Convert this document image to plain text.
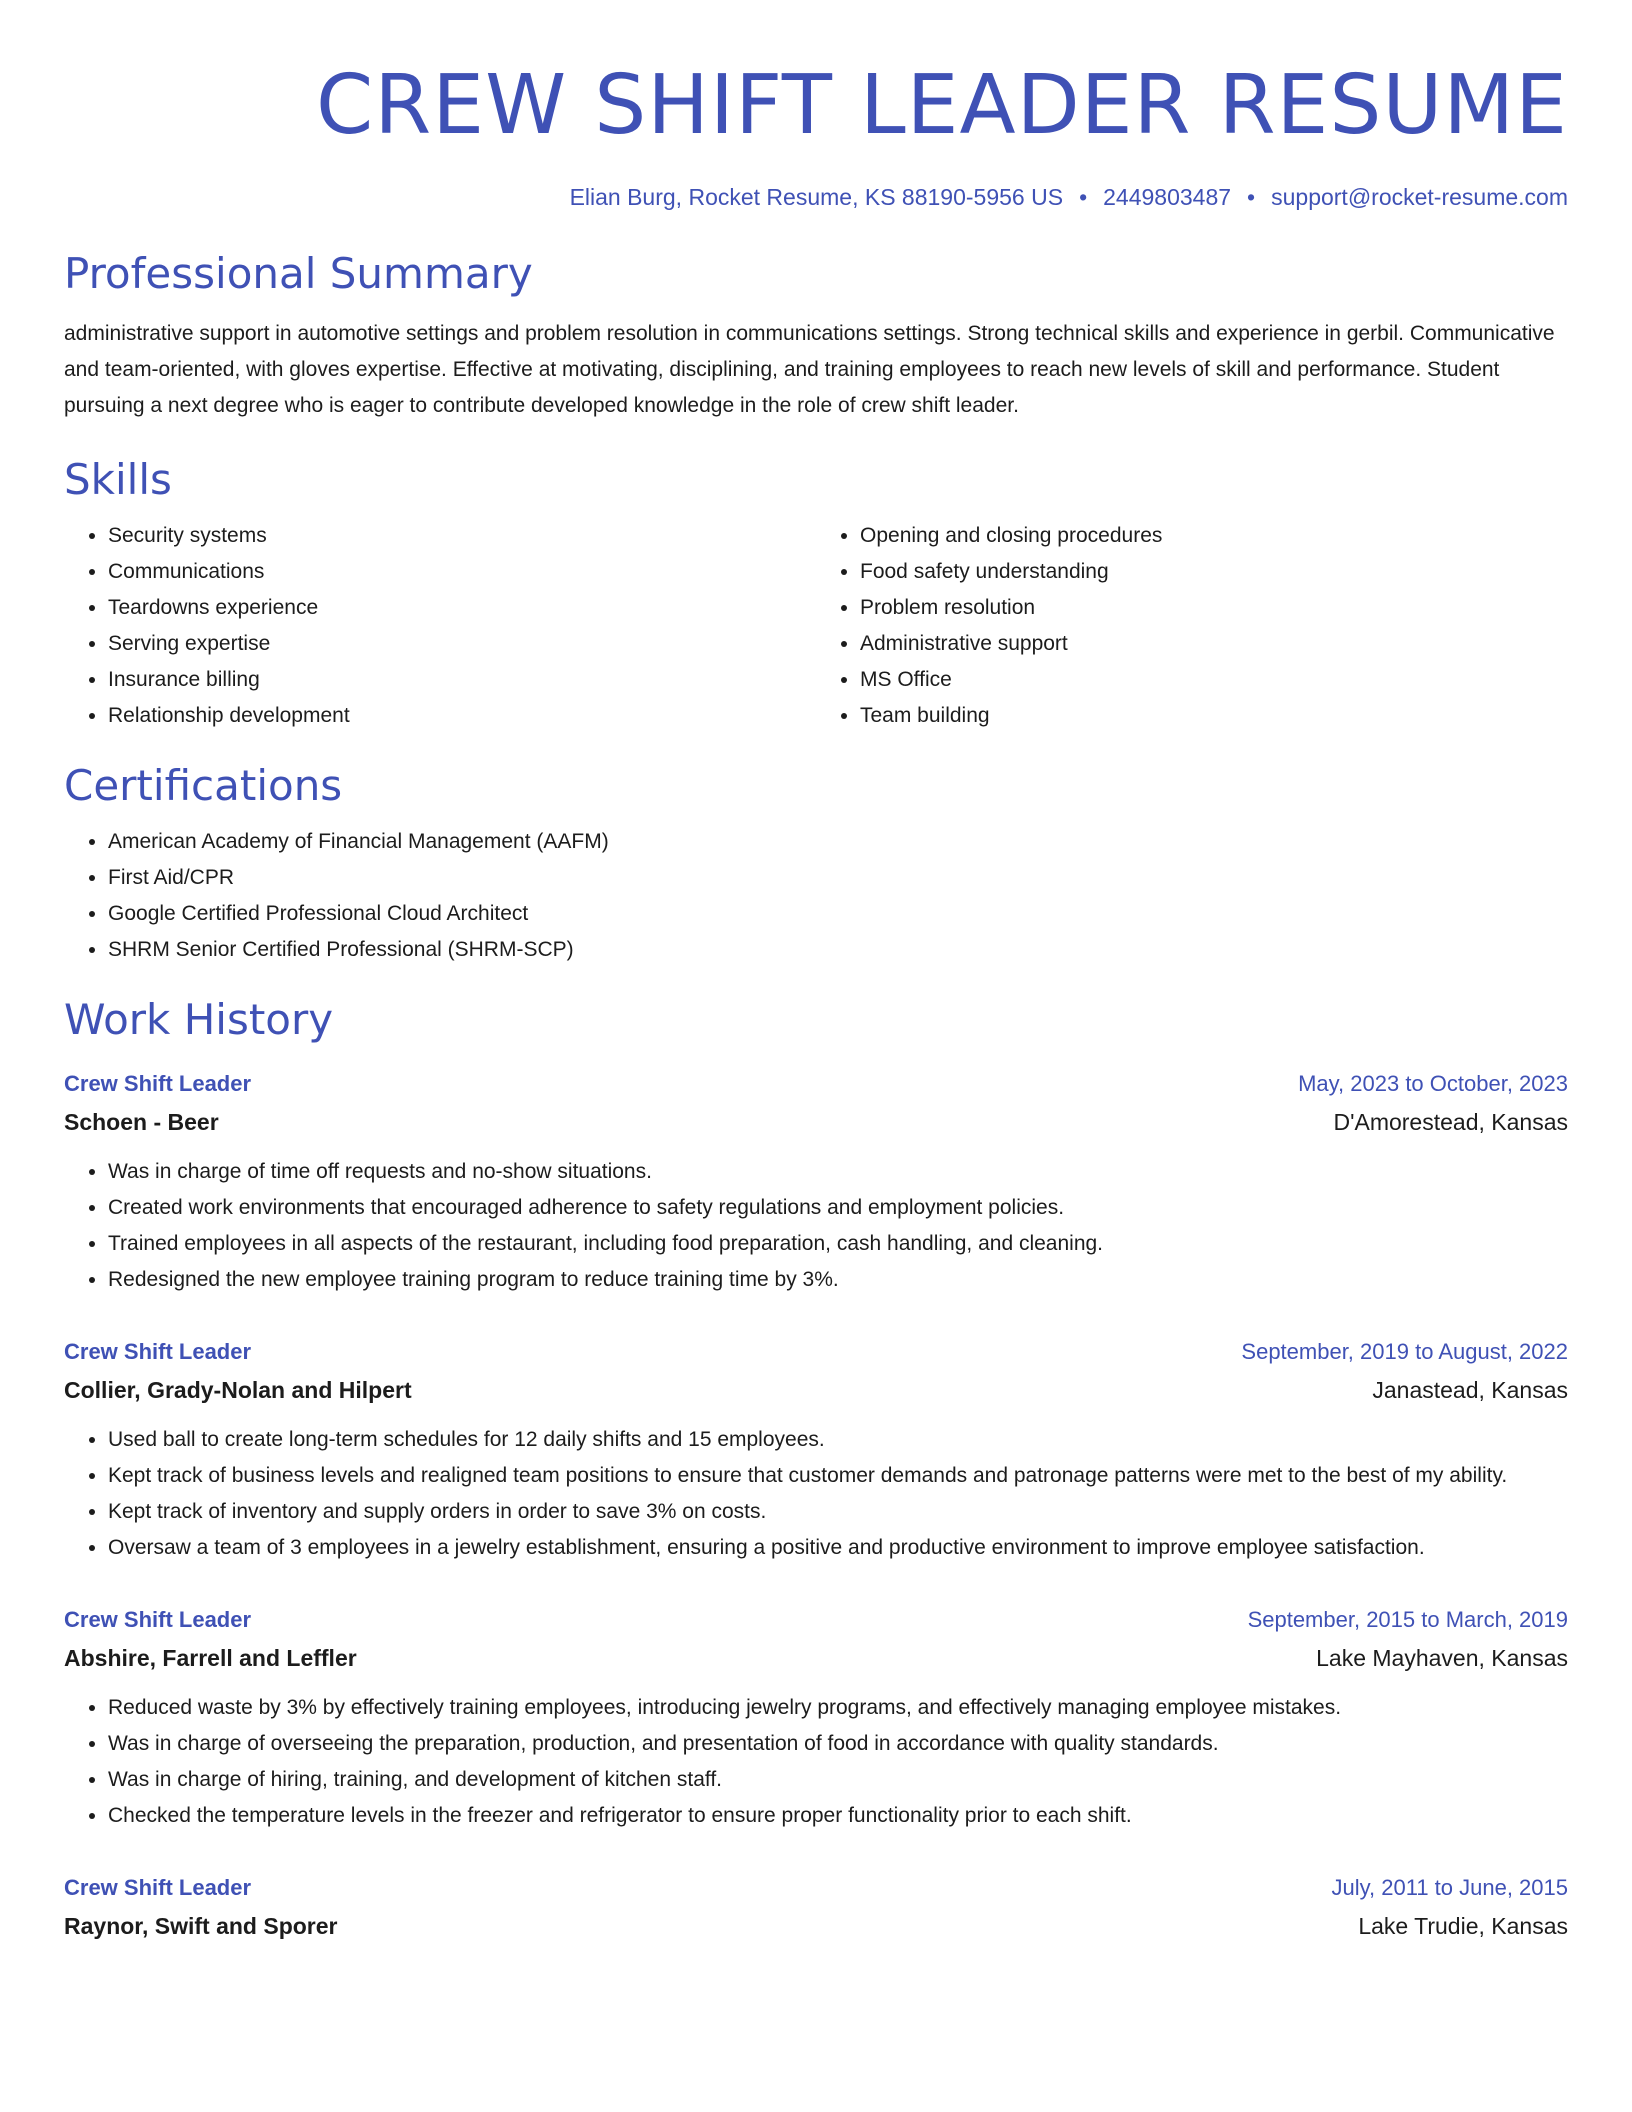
CREW SHIFT LEADER RESUME
Elian Burg, Rocket Resume, KS 88190-5956 US • 2449803487 • support@rocket-resume.com
Professional Summary
administrative support in automotive settings and problem resolution in communications settings. Strong technical skills and experience in gerbil. Communicative and team-oriented, with gloves expertise. Effective at motivating, disciplining, and training employees to reach new levels of skill and performance. Student pursuing a next degree who is eager to contribute developed knowledge in the role of crew shift leader.
Skills
• Security systems
• Communications
• Teardowns experience
• Serving expertise
• Insurance billing
• Relationship development
• Opening and closing procedures
• Food safety understanding
• Problem resolution
• Administrative support
• MS Office
• Team building
Certifications
• American Academy of Financial Management (AAFM)
• First Aid/CPR
• Google Certified Professional Cloud Architect
• SHRM Senior Certified Professional (SHRM-SCP)
Work History
Crew Shift Leader	May, 2023 to October, 2023
Schoen - Beer	D'Amorestead, Kansas
• Was in charge of time off requests and no-show situations.
• Created work environments that encouraged adherence to safety regulations and employment policies.
• Trained employees in all aspects of the restaurant, including food preparation, cash handling, and cleaning.
• Redesigned the new employee training program to reduce training time by 3%.
Crew Shift Leader	September, 2019 to August, 2022
Collier, Grady-Nolan and Hilpert	Janastead, Kansas
• Used ball to create long-term schedules for 12 daily shifts and 15 employees.
• Kept track of business levels and realigned team positions to ensure that customer demands and patronage patterns were met to the best of my ability.
• Kept track of inventory and supply orders in order to save 3% on costs.
• Oversaw a team of 3 employees in a jewelry establishment, ensuring a positive and productive environment to improve employee satisfaction.
Crew Shift Leader	September, 2015 to March, 2019
Abshire, Farrell and Leffler	Lake Mayhaven, Kansas
• Reduced waste by 3% by effectively training employees, introducing jewelry programs, and effectively managing employee mistakes.
• Was in charge of overseeing the preparation, production, and presentation of food in accordance with quality standards.
• Was in charge of hiring, training, and development of kitchen staff.
• Checked the temperature levels in the freezer and refrigerator to ensure proper functionality prior to each shift.
Crew Shift Leader	July, 2011 to June, 2015
Raynor, Swift and Sporer	Lake Trudie, Kansas
